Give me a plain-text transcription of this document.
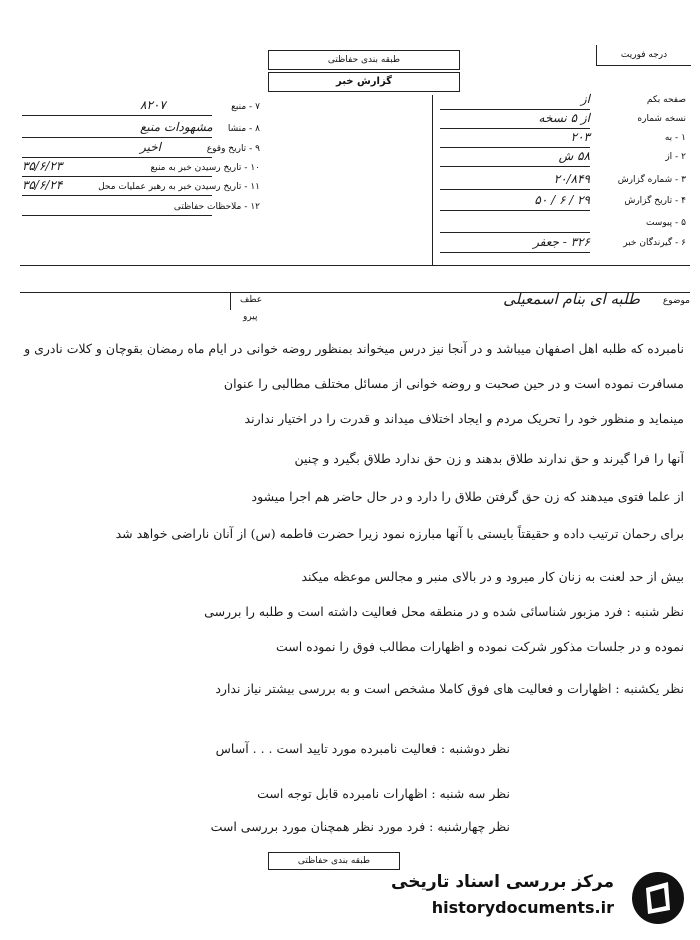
طبقه بندی حفاظتی
گزارش خبر
درجه فوریت
صفحه بکم
از
نسخه شماره
از ۵ نسخه
۱ - به
۲۰۳
۲ - از
۵۸ ش
۳ - شماره گزارش
۲۰/۸۴۹
۴ - تاریخ گزارش
۲۹ / ۶ / ۵۰
۵ - پیوست
۶ - گیرندگان خبر
۳۲۶ - جعفر
۷ - منبع
۸۲۰۷
۸ - منشا
مشهودات منبع
۹ - تاریخ وقوع
اخیر
۱۰ - تاریخ رسیدن خبر به منبع
۳۵/۶/۲۳
۱۱ - تاریخ رسیدن خبر به رهبر عملیات محل
۳۵/۶/۲۴
۱۲ - ملاحظات حفاظتی
موضوع
طلبه ای بنام اسمعیلی
عطف
پیرو
نامبرده که طلبه اهل اصفهان میباشد و در آنجا نیز درس میخواند بمنظور روضه خوانی در ایام ماه رمضان بقوچان و کلات نادری و
مسافرت نموده است و در حین صحبت و روضه خوانی از مسائل مختلف مطالبی را عنوان
مینماید و منظور خود را تحریک مردم و ایجاد اختلاف میداند و قدرت را در اختیار ندارند
آنها را فرا گیرند و حق ندارند طلاق بدهند و زن حق ندارد طلاق بگیرد و چنین
از علما فتوی میدهند که زن حق گرفتن طلاق را دارد و در حال حاضر هم اجرا میشود
برای رحمان ترتیب داده و حقیقتاً بایستی با آنها مبارزه نمود زیرا حضرت فاطمه (س) از آنان ناراضی خواهد شد
بیش از حد لعنت به زنان کار میرود و در بالای منبر و مجالس موعظه میکند
نظر شنبه : فرد مزبور شناسائی شده و در منطقه محل فعالیت داشته است و طلبه را بررسی
نموده و در جلسات مذکور شرکت نموده و اظهارات مطالب فوق را نموده است
نظر یکشنبه : اظهارات و فعالیت های فوق کاملا مشخص است و به بررسی بیشتر نیاز ندارد
نظر دوشنبه : فعالیت نامبرده مورد تایید است . . . آساس
نظر سه شنبه : اظهارات نامبرده قابل توجه است
نظر چهارشنبه : فرد مورد نظر همچنان مورد بررسی است
طبقه بندی حفاظتی
مرکز بررسی اسناد تاریخی
historydocuments.ir
